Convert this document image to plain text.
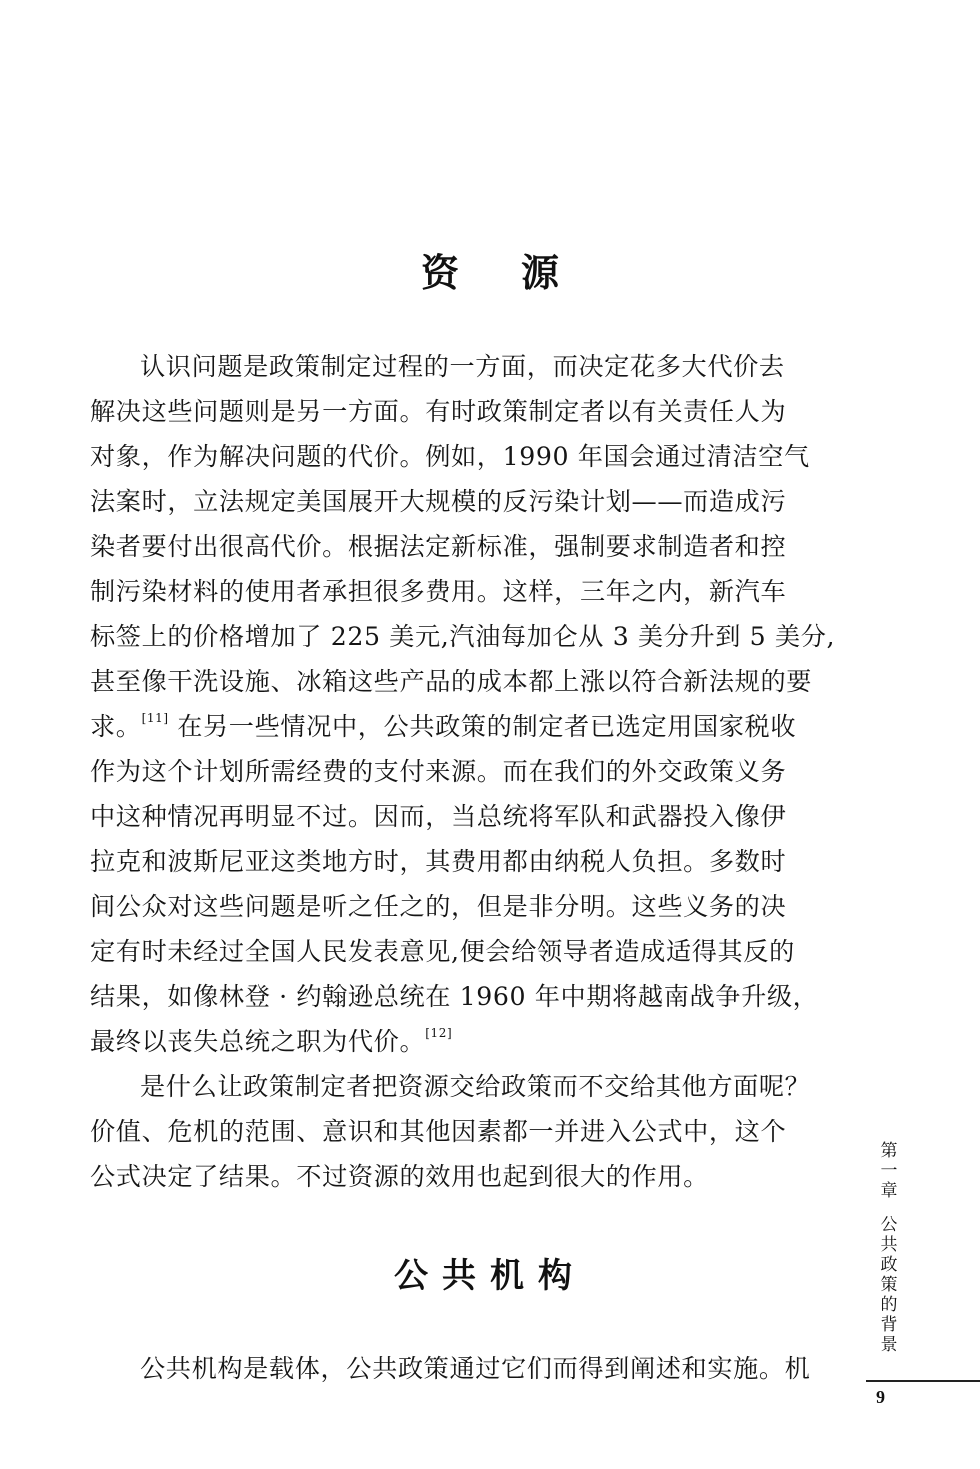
资 源
认识问题是政策制定过程的一方面，而决定花多大代价去
解决这些问题则是另一方面。有时政策制定者以有关责任人为
对象，作为解决问题的代价。例如，1990 年国会通过清洁空气
法案时，立法规定美国展开大规模的反污染计划——而造成污
染者要付出很高代价。根据法定新标准，强制要求制造者和控
制污染材料的使用者承担很多费用。这样，三年之内，新汽车
标签上的价格增加了 225 美元,汽油每加仑从 3 美分升到 5 美分,
甚至像干洗设施、冰箱这些产品的成本都上涨以符合新法规的要
求。[11] 在另一些情况中，公共政策的制定者已选定用国家税收
作为这个计划所需经费的支付来源。而在我们的外交政策义务
中这种情况再明显不过。因而，当总统将军队和武器投入像伊
拉克和波斯尼亚这类地方时，其费用都由纳税人负担。多数时
间公众对这些问题是听之任之的，但是非分明。这些义务的决
定有时未经过全国人民发表意见,便会给领导者造成适得其反的
结果，如像林登 · 约翰逊总统在 1960 年中期将越南战争升级，
最终以丧失总统之职为代价。[12]
是什么让政策制定者把资源交给政策而不交给其他方面呢？
价值、危机的范围、意识和其他因素都一并进入公式中，这个
公式决定了结果。不过资源的效用也起到很大的作用。
公共机构
公共机构是载体，公共政策通过它们而得到阐述和实施。机
第
一
章
公
共
政
策
的
背
景
9
